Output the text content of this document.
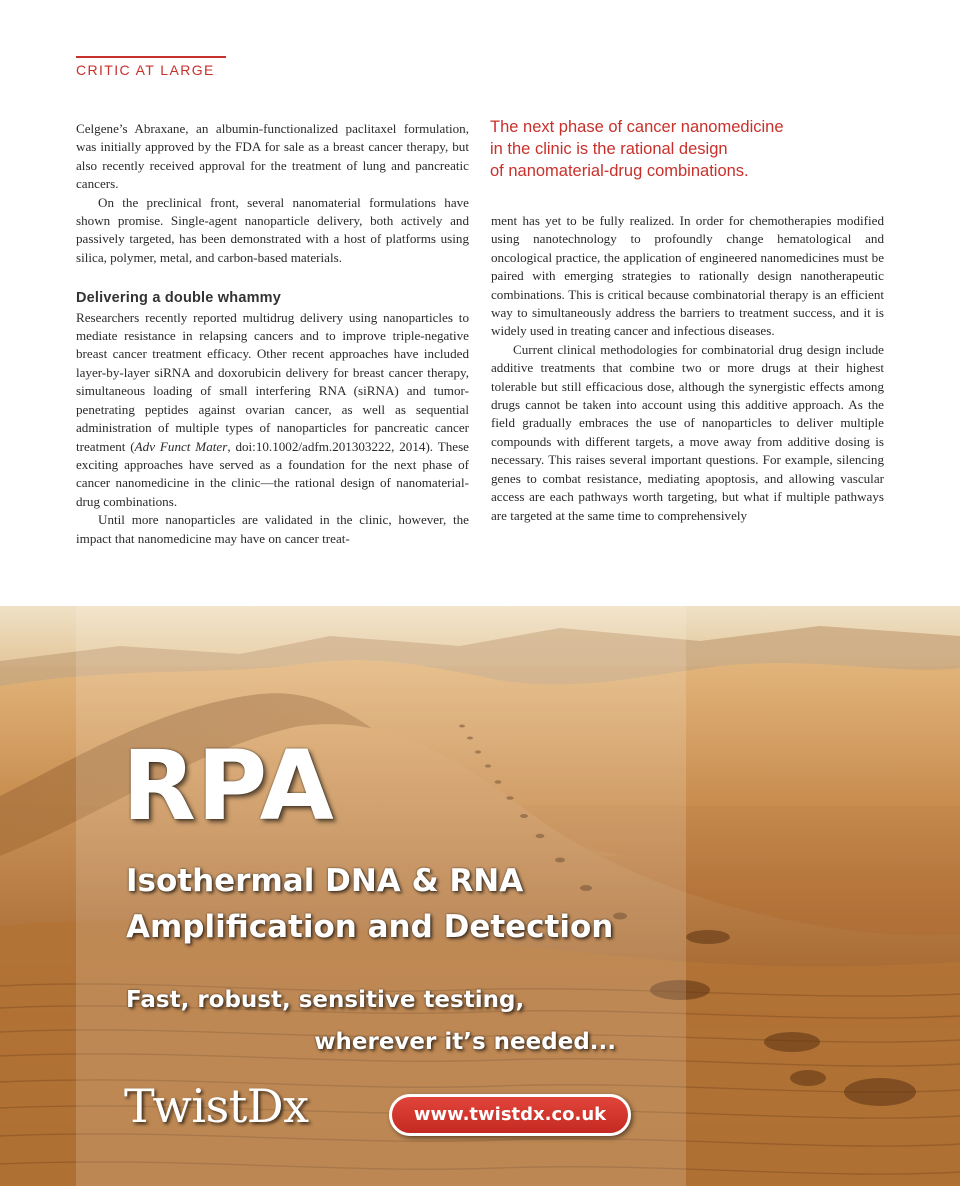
CRITIC AT LARGE

Celgene’s Abraxane, an albumin-functionalized paclitaxel formulation, was initially approved by the FDA for sale as a breast cancer therapy, but also recently received approval for the treatment of lung and pancreatic cancers.

On the preclinical front, several nanomaterial formulations have shown promise. Single-agent nanoparticle delivery, both actively and passively targeted, has been demonstrated with a host of platforms using silica, polymer, metal, and carbon-based materials.

Delivering a double whammy

Researchers recently reported multidrug delivery using nanoparticles to mediate resistance in relapsing cancers and to improve triple-negative breast cancer treatment efficacy. Other recent approaches have included layer-by-layer siRNA and doxorubicin delivery for breast cancer therapy, simultaneous loading of small interfering RNA (siRNA) and tumor-penetrating peptides against ovarian cancer, as well as sequential administration of multiple types of nanoparticles for pancreatic cancer treatment (Adv Funct Mater, doi:10.1002/adfm.201303222, 2014). These exciting approaches have served as a foundation for the next phase of cancer nanomedicine in the clinic—the rational design of nanomaterial-drug combinations.

Until more nanoparticles are validated in the clinic, however, the impact that nanomedicine may have on cancer treat-

The next phase of cancer nanomedicine
in the clinic is the rational design
of nanomaterial-drug combinations.

ment has yet to be fully realized. In order for chemotherapies modified using nanotechnology to profoundly change hematological and oncological practice, the application of engineered nanomedicines must be paired with emerging strategies to rationally design nanotherapeutic combinations. This is critical because combinatorial therapy is an efficient way to simultaneously address the barriers to treatment success, and it is widely used in treating cancer and infectious diseases.

Current clinical methodologies for combinatorial drug design include additive treatments that combine two or more drugs at their highest tolerable but still efficacious dose, although the synergistic effects among drugs cannot be taken into account using this additive approach. As the field gradually embraces the use of nanoparticles to deliver multiple compounds with different targets, a move away from additive dosing is necessary. This raises several important questions. For example, silencing genes to combat resistance, mediating apoptosis, and allowing vascular access are each pathways worth targeting, but what if multiple pathways are targeted at the same time to comprehensively

RPA
Isothermal DNA & RNA
Amplification and Detection
Fast, robust, sensitive testing,
wherever it’s needed...
TwistDx	www.twistdx.co.uk
